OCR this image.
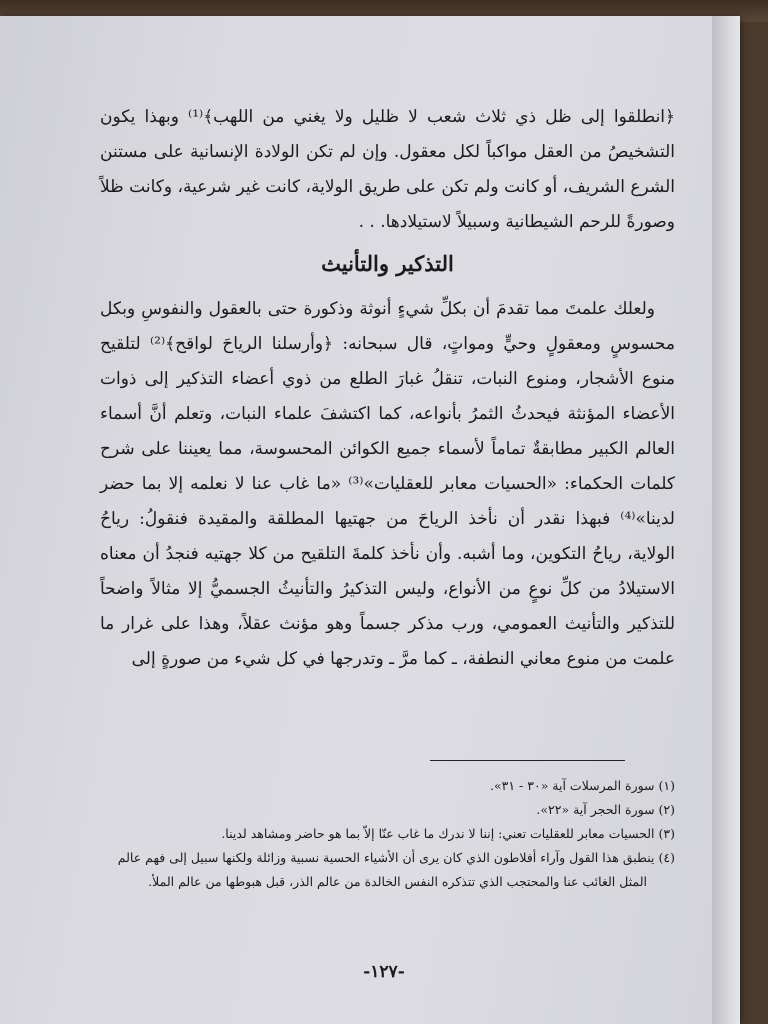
﴿انطلقوا إلى ظل ذي ثلاث شعب لا ظليل ولا يغني من اللهب﴾⁽¹⁾ وبهذا يكون التشخيصُ من العقل مواكباً لكل معقول. وإن لم تكن الولادة الإنسانية على مستنن الشرع الشريف، أو كانت ولم تكن على طريق الولاية، كانت غير شرعية، وكانت ظلاً وصورةً للرحم الشيطانية وسبيلاً لاستيلادها. . .

التذكير والتأنيث

ولعلك علمتَ مما تقدمَ أن بكلِّ شيءٍ أنوثة وذكورة حتى بالعقول والنفوسِ وبكل محسوسٍ ومعقولٍ وحيٍّ ومواتٍ، قال سبحانه: ﴿وأرسلنا الرياحَ لواقح﴾⁽²⁾ لتلقيح منوع الأشجار، ومنوع النبات، تنقلُ غبارَ الطلع من ذوي أعضاء التذكير إلى ذوات الأعضاء المؤنثة فيحدثُ الثمرُ بأنواعه، كما اكتشفَ علماء النبات، وتعلم أنَّ أسماء العالم الكبير مطابقةٌ تماماً لأسماء جميع الكوائن المحسوسة، مما يعيننا على شرح كلمات الحكماء: «الحسيات معابر للعقليات»⁽³⁾ «ما غاب عنا لا نعلمه إلا بما حضر لدينا»⁽⁴⁾ فبهذا نقدر أن نأخذ الرياحَ من جهتيها المطلقة والمقيدة فنقولُ: رياحُ الولاية، رياحُ التكوين، وما أشبه. وأن نأخذ كلمةَ التلقيح من كلا جهتيه فنجدُ أن معناه الاستيلادُ من كلِّ نوعٍ من الأنواع، وليس التذكيرُ والتأنيثُ الجسميُّ إلا مثالاً واضحاً للتذكير والتأنيث العمومي، ورب مذكر جسماً وهو مؤنث عقلاً، وهذا على غرار ما علمت من منوع معاني النطفة، ـ كما مرَّ ـ وتدرجها في كل شيء من صورةٍ إلى

(١) سورة المرسلات آية «٣٠ - ٣١».

(٢) سورة الحجر آية «٢٢».

(٣) الحسيات معابر للعقليات تعني: إننا لا ندرك ما غاب عنّا إلاّ بما هو حاضر ومشاهد لدينا.

(٤) ينطبق هذا القول وآراء أفلاطون الذي كان يرى أن الأشياء الحسية نسبية وزائلة ولكنها سبيل إلى فهم عالم المثل الغائب عنا والمحتجب الذي تتذكره النفس الخالدة من عالم الذر، قبل هبوطها من عالم الملأ.

-١٢٧-
